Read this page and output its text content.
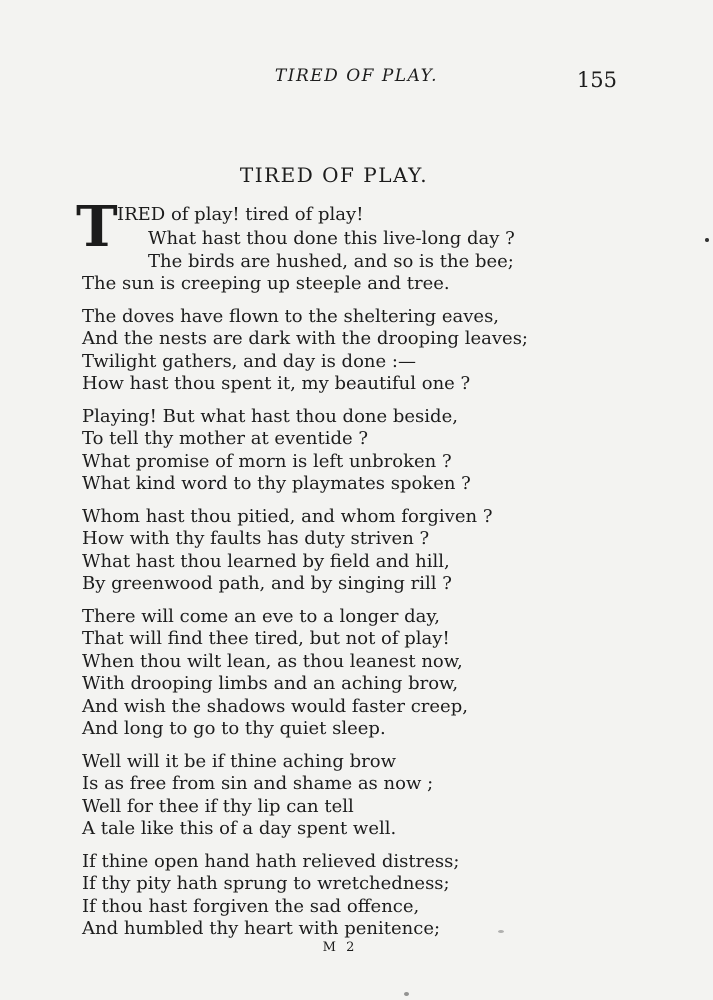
TIRED OF PLAY.	155
TIRED OF PLAY.
T IRED of play! tired of play!
What hast thou done this live-long day ?
The birds are hushed, and so is the bee;
The sun is creeping up steeple and tree.
The doves have flown to the sheltering eaves,
And the nests are dark with the drooping leaves;
Twilight gathers, and day is done :—
How hast thou spent it, my beautiful one ?
Playing! But what hast thou done beside,
To tell thy mother at eventide ?
What promise of morn is left unbroken ?
What kind word to thy playmates spoken ?
Whom hast thou pitied, and whom forgiven ?
How with thy faults has duty striven ?
What hast thou learned by field and hill,
By greenwood path, and by singing rill ?
There will come an eve to a longer day,
That will find thee tired, but not of play!
When thou wilt lean, as thou leanest now,
With drooping limbs and an aching brow,
And wish the shadows would faster creep,
And long to go to thy quiet sleep.
Well will it be if thine aching brow
Is as free from sin and shame as now ;
Well for thee if thy lip can tell
A tale like this of a day spent well.
If thine open hand hath relieved distress;
If thy pity hath sprung to wretchedness;
If thou hast forgiven the sad offence,
And humbled thy heart with penitence;
M 2
